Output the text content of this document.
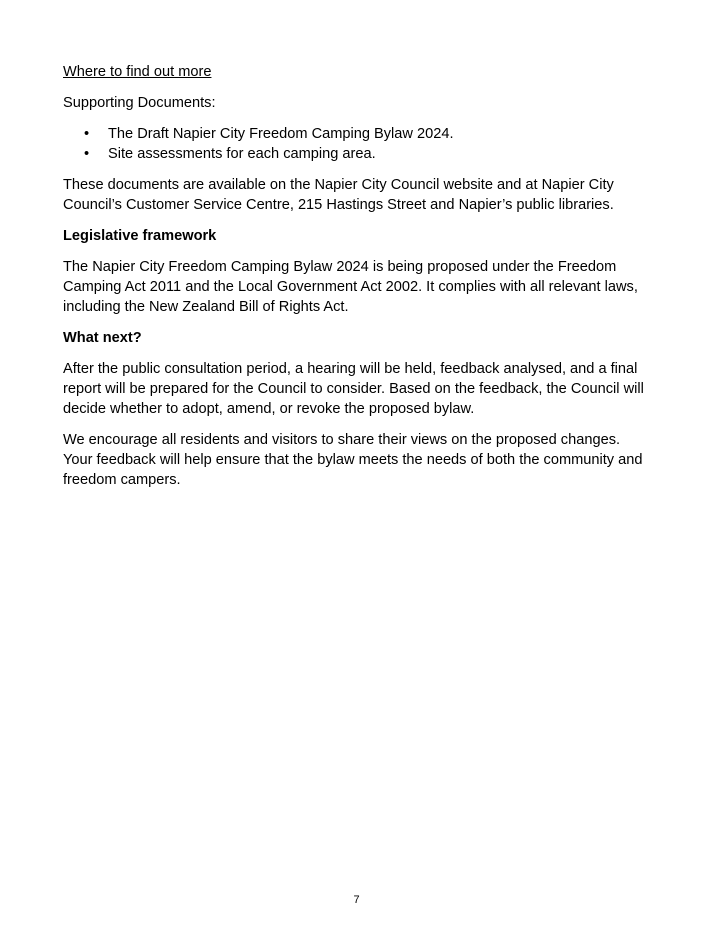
Where to find out more

Supporting Documents:

• The Draft Napier City Freedom Camping Bylaw 2024.
• Site assessments for each camping area.

These documents are available on the Napier City Council website and at Napier City Council’s Customer Service Centre, 215 Hastings Street and Napier’s public libraries.

Legislative framework

The Napier City Freedom Camping Bylaw 2024 is being proposed under the Freedom Camping Act 2011 and the Local Government Act 2002. It complies with all relevant laws, including the New Zealand Bill of Rights Act.

What next?

After the public consultation period, a hearing will be held, feedback analysed, and a final report will be prepared for the Council to consider. Based on the feedback, the Council will decide whether to adopt, amend, or revoke the proposed bylaw.

We encourage all residents and visitors to share their views on the proposed changes. Your feedback will help ensure that the bylaw meets the needs of both the community and freedom campers.

7
